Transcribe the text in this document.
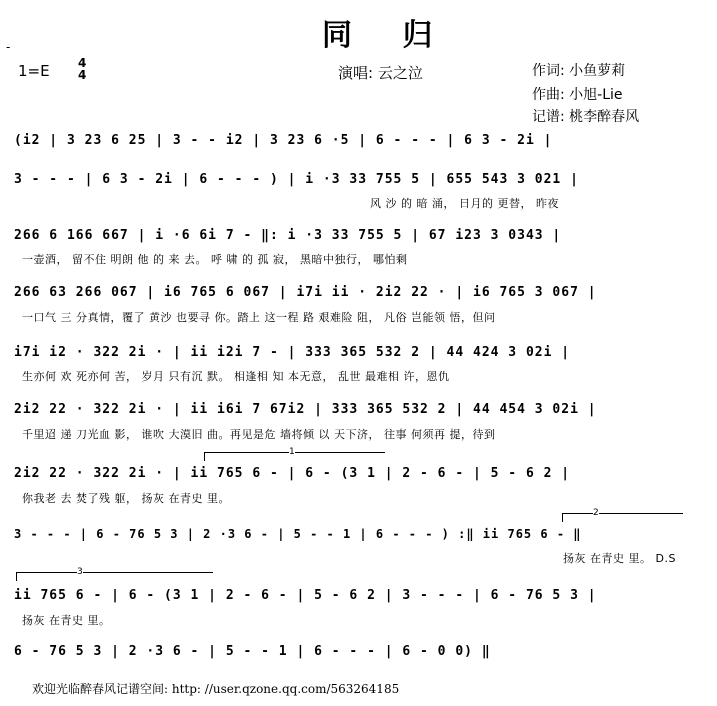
-	同 归
1=E 4
4	演唱: 云之泣	作词: 小鱼萝莉
作曲: 小旭-Lie
记谱: 桃李醉春风
(i2 | 3 23 6 25 | 3 - - i2 | 3 23 6 ·5 | 6 - - - | 6 3 - 2i |
3 - - - | 6 3 - 2i | 6 - - - ) | i ·3 33 755 5 | 655 543 3 021 |
风 沙 的 暗 涌， 日月的 更替， 昨夜
266 6 166 667 | i ·6 6i 7 - ‖: i ·3 33 755 5 | 67 i23 3 0343 |
一壶酒， 留不住 明朗 他 的 来 去。 呼 啸 的 孤 寂， 黑暗中独行， 哪怕剩
266 63 266 067 | i6 765 6 067 | i7i ii · 2i2 22 · | i6 765 3 067 |
一口气 三 分真情，覆了 黄沙 也要寻 你。踏上 这一程 路 艰难险 阻， 凡俗 岂能领 悟，但问
i7i i2 · 322 2i · | ii i2i 7 - | 333 365 532 2 | 44 424 3 02i |
生亦何 欢 死亦何 苦， 岁月 只有沉 默。 相逢相 知 本无意， 乱世 最难相 许，恩仇
2i2 22 · 322 2i · | ii i6i 7 67i2 | 333 365 532 2 | 44 454 3 02i |
千里迢 递 刀光血 影， 谁吹 大漠旧 曲。再见是危 墙将倾 以 天下济， 往事 何须再 提，待到
1
2i2 22 · 322 2i · | ii 765 6 - | 6 - (3 1 | 2 - 6 - | 5 - 6 2 |
你我老 去 焚了残 躯， 扬灰 在青史 里。
2
3 - - - | 6 - 76 5 3 | 2 ·3 6 - | 5 - - 1 | 6 - - - ) :‖ ii 765 6 - ‖
扬灰 在青史 里。 D.S
3
ii 765 6 - | 6 - (3 1 | 2 - 6 - | 5 - 6 2 | 3 - - - | 6 - 76 5 3 |
扬灰 在青史 里。
6 - 76 5 3 | 2 ·3 6 - | 5 - - 1 | 6 - - - | 6 - 0 0) ‖
欢迎光临醉春风记谱空间: http: //user.qzone.qq.com/563264185
